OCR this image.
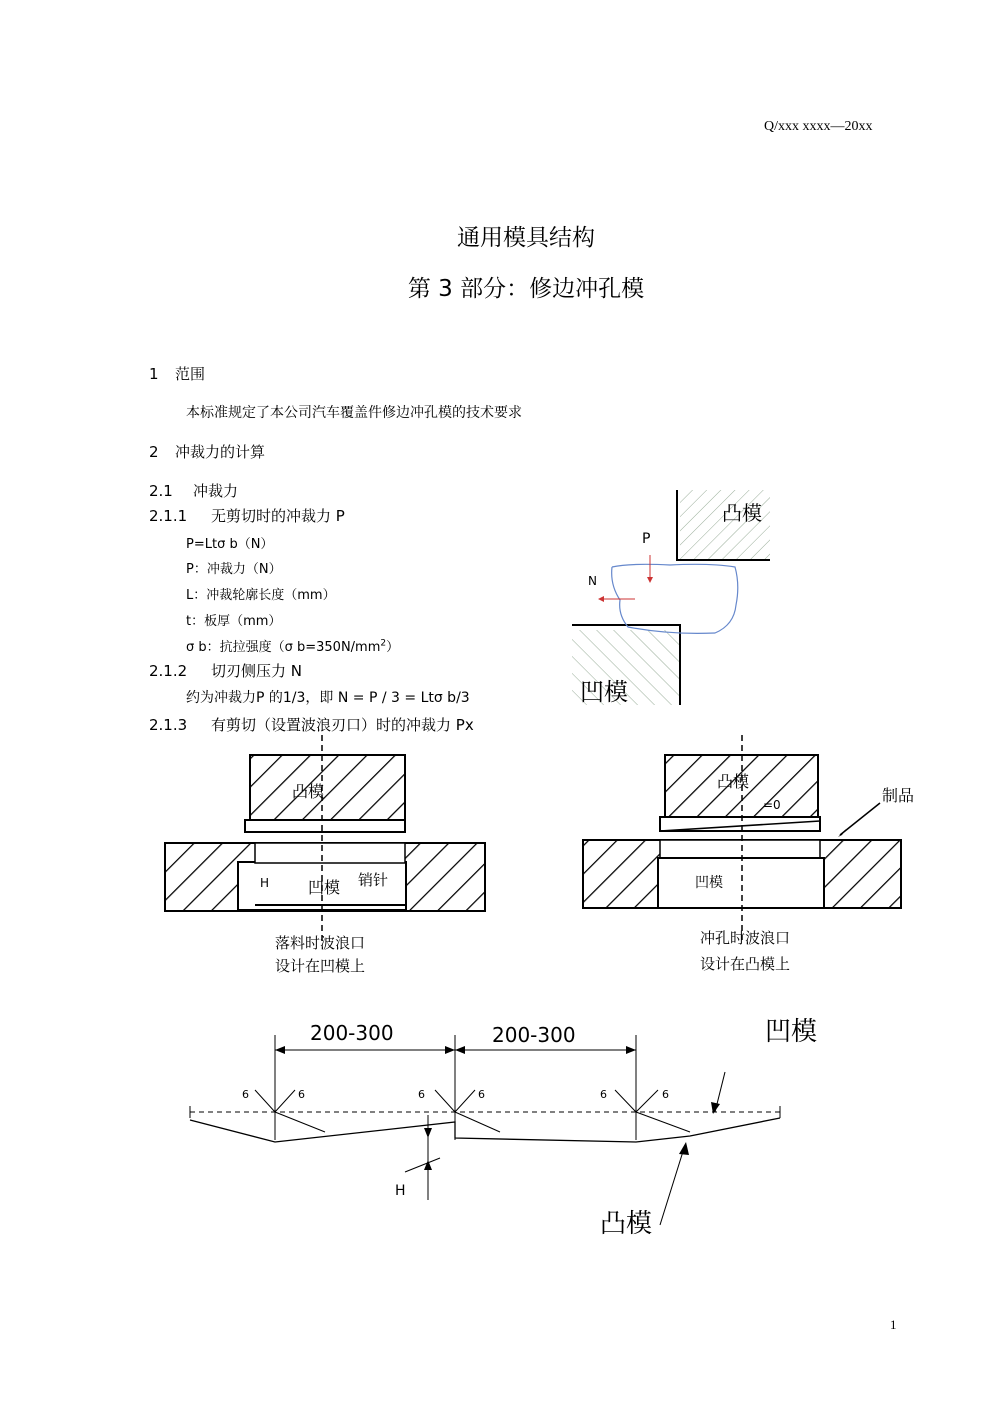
Q/xxx xxxx—20xx
通用模具结构
第 3 部分：修边冲孔模
1 范围
本标准规定了本公司汽车覆盖件修边冲孔模的技术要求
2 冲裁力的计算
2.1 冲裁力
2.1.1 无剪切时的冲裁力 P
P=Ltσ b（N）
P：冲裁力（N）
L：冲裁轮廓长度（mm）
t：板厚（mm）
σ b：抗拉强度（σ $b=350N/mm^2$）
2.1.2 切刃侧压力 N
约为冲裁力P 的1/3，即 N = P / 3 = Ltσ b/3
2.1.3 有剪切（设置波浪刃口）时的冲裁力 Px
P
N
凸模
凹模
凸模
凹模 销针
H
落料时波浪口
设计在凹模上
凸模
=0	制品
凹模
冲孔时波浪口
设计在凸模上
200-300	200-300
6	6	6	6	6	6
H
凹模
凸模
1
